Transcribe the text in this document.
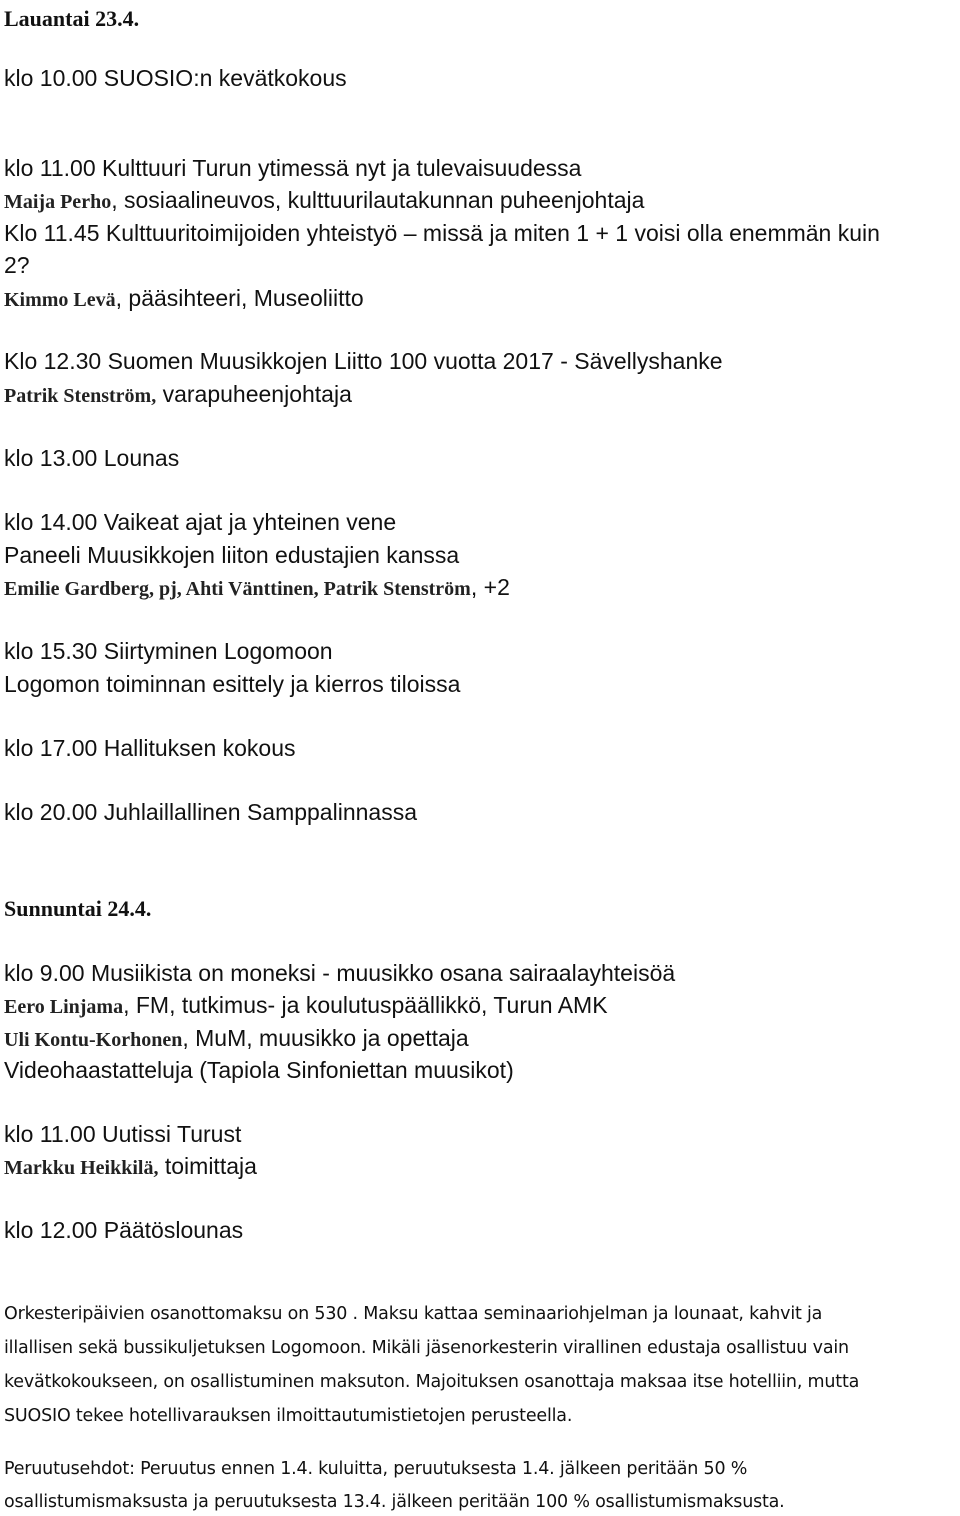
Lauantai 23.4.
klo 10.00 SUOSIO:n kevätkokous
klo 11.00 Kulttuuri Turun ytimessä nyt ja tulevaisuudessa
Maija Perho, sosiaalineuvos, kulttuurilautakunnan puheenjohtaja
Klo 11.45 Kulttuuritoimijoiden yhteistyö – missä ja miten 1 + 1 voisi olla enemmän kuin
2?
Kimmo Levä, pääsihteeri, Museoliitto
Klo 12.30 Suomen Muusikkojen Liitto 100 vuotta 2017 - Sävellyshanke
Patrik Stenström, varapuheenjohtaja
klo 13.00 Lounas
klo 14.00 Vaikeat ajat ja yhteinen vene
Paneeli Muusikkojen liiton edustajien kanssa
Emilie Gardberg, pj, Ahti Vänttinen, Patrik Stenström, +2
klo 15.30 Siirtyminen Logomoon
Logomon toiminnan esittely ja kierros tiloissa
klo 17.00 Hallituksen kokous
klo 20.00 Juhlaillallinen Samppalinnassa
Sunnuntai 24.4.
klo 9.00 Musiikista on moneksi - muusikko osana sairaalayhteisöä
Eero Linjama, FM, tutkimus- ja koulutuspäällikkö, Turun AMK
Uli Kontu-Korhonen, MuM, muusikko ja opettaja
Videohaastatteluja (Tapiola Sinfoniettan muusikot)
klo 11.00 Uutissi Turust
Markku Heikkilä, toimittaja
klo 12.00 Päätöslounas
Orkesteripäivien osanottomaksu on 530 . Maksu kattaa seminaariohjelman ja lounaat, kahvit ja
illallisen sekä bussikuljetuksen Logomoon. Mikäli jäsenorkesterin virallinen edustaja osallistuu vain
kevätkokoukseen, on osallistuminen maksuton. Majoituksen osanottaja maksaa itse hotelliin, mutta
SUOSIO tekee hotellivarauksen ilmoittautumistietojen perusteella.
Peruutusehdot: Peruutus ennen 1.4. kuluitta, peruutuksesta 1.4. jälkeen peritään 50 %
osallistumismaksusta ja peruutuksesta 13.4. jälkeen peritään 100 % osallistumismaksusta.
